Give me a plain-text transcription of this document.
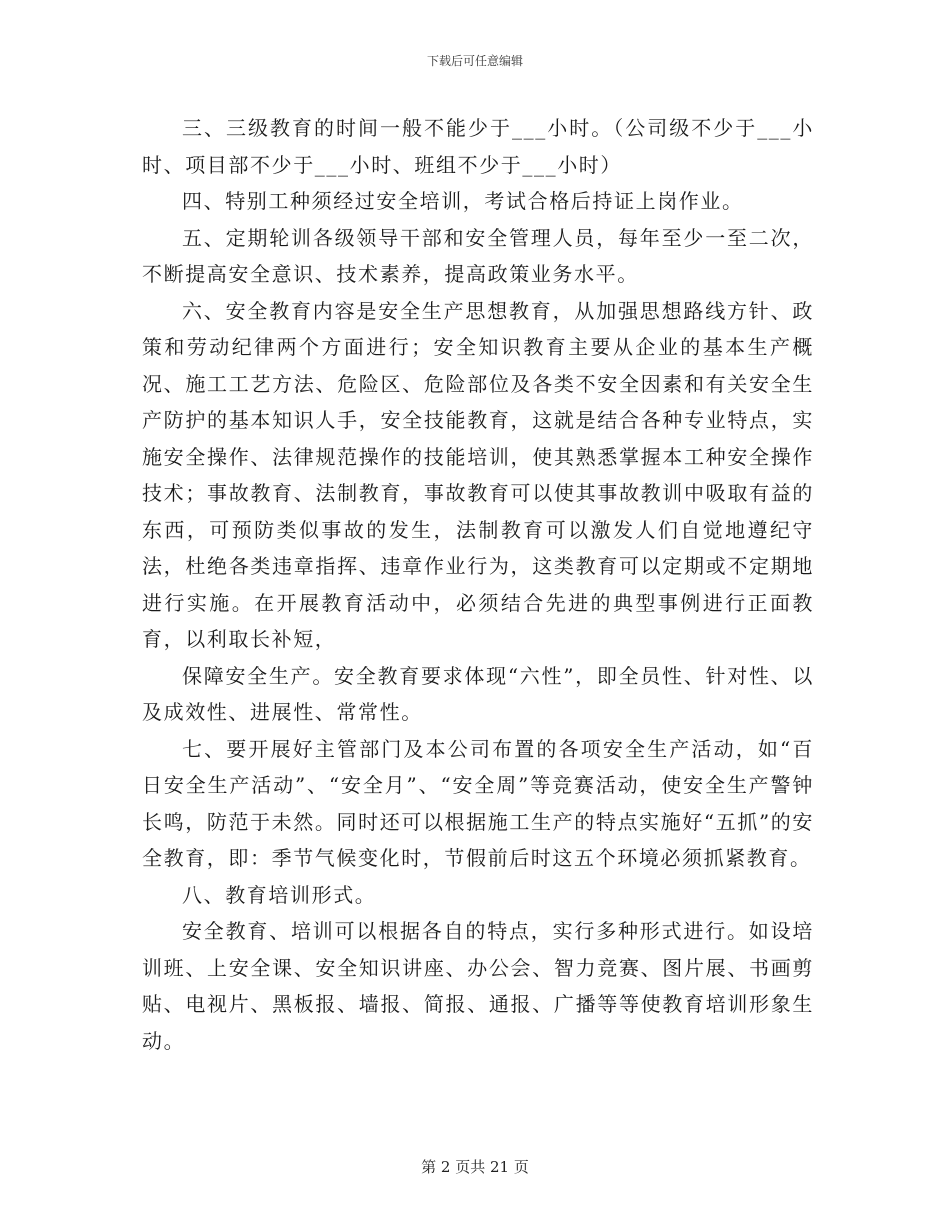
下载后可任意编辑

三、三级教育的时间一般不能少于___小时。（公司级不少于___小时、项目部不少于___小时、班组不少于___小时）

四、特别工种须经过安全培训，考试合格后持证上岗作业。

五、定期轮训各级领导干部和安全管理人员，每年至少一至二次，不断提高安全意识、技术素养，提高政策业务水平。

六、安全教育内容是安全生产思想教育，从加强思想路线方针、政策和劳动纪律两个方面进行；安全知识教育主要从企业的基本生产概况、施工工艺方法、危险区、危险部位及各类不安全因素和有关安全生产防护的基本知识人手，安全技能教育，这就是结合各种专业特点，实施安全操作、法律规范操作的技能培训，使其熟悉掌握本工种安全操作技术；事故教育、法制教育，事故教育可以使其事故教训中吸取有益的东西，可预防类似事故的发生，法制教育可以激发人们自觉地遵纪守法，杜绝各类违章指挥、违章作业行为，这类教育可以定期或不定期地进行实施。在开展教育活动中，必须结合先进的典型事例进行正面教育，以利取长补短，

保障安全生产。安全教育要求体现“六性”，即全员性、针对性、以及成效性、进展性、常常性。

七、要开展好主管部门及本公司布置的各项安全生产活动，如“百日安全生产活动”、“安全月”、“安全周”等竞赛活动，使安全生产警钟长鸣，防范于未然。同时还可以根据施工生产的特点实施好“五抓”的安全教育，即：季节气候变化时，节假前后时这五个环境必须抓紧教育。

八、教育培训形式。

安全教育、培训可以根据各自的特点，实行多种形式进行。如设培训班、上安全课、安全知识讲座、办公会、智力竞赛、图片展、书画剪贴、电视片、黑板报、墙报、简报、通报、广播等等使教育培训形象生动。

第 2 页共 21 页
